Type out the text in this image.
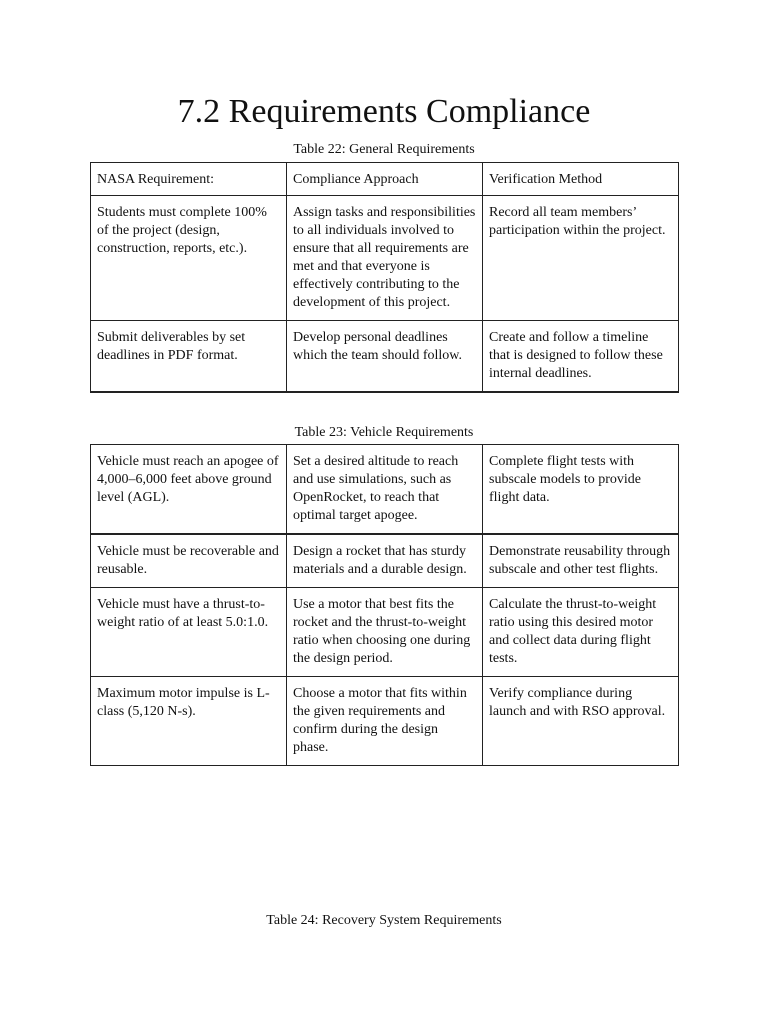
7.2 Requirements Compliance
Table 22: General Requirements
NASA Requirement:	Compliance Approach	Verification Method
Students must complete 100% of the project (design, construction, reports, etc.).	Assign tasks and responsibilities to all individuals involved to ensure that all requirements are met and that everyone is effectively contributing to the development of this project.	Record all team members’ participation within the project.
Submit deliverables by set deadlines in PDF format.	Develop personal deadlines which the team should follow.	Create and follow a timeline that is designed to follow these internal deadlines.
Table 23: Vehicle Requirements
Vehicle must reach an apogee of 4,000–6,000 feet above ground level (AGL).	Set a desired altitude to reach and use simulations, such as OpenRocket, to reach that optimal target apogee.	Complete flight tests with subscale models to provide flight data.
Vehicle must be recoverable and reusable.	Design a rocket that has sturdy materials and a durable design.	Demonstrate reusability through subscale and other test flights.
Vehicle must have a thrust-to-weight ratio of at least 5.0:1.0.	Use a motor that best fits the rocket and the thrust-to-weight ratio when choosing one during the design period.	Calculate the thrust-to-weight ratio using this desired motor and collect data during flight tests.
Maximum motor impulse is L-class (5,120 N-s).	Choose a motor that fits within the given requirements and confirm during the design phase.	Verify compliance during launch and with RSO approval.
Table 24: Recovery System Requirements
